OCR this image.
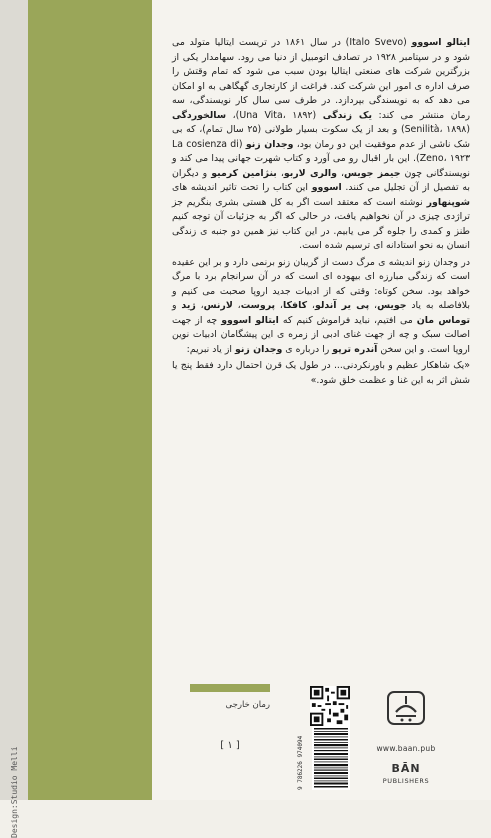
Design:Studio Melli

ایتالو اسووو (Italo Svevo) در سال ۱۸۶۱ در تریست ایتالیا متولد می شود و در سپتامبر ۱۹۲۸ در تصادف اتومبیل از دنیا می رود. سهامدار یکی از بزرگترین شرکت های صنعتی ایتالیا بودن سبب می شود که تمام وقتش را صرف اداره ی امور این شرکت کند. فراغت از کارتجاری گهگاهی به او امکان می دهد که به نویسندگی بپردازد. در طرف سی سال کار نویسندگی، سه رمان منتشر می کند: یک زندگی (Una Vita، ۱۸۹۲)، سالخوردگی (Senilità، ۱۸۹۸) و بعد از یک سکوت بسیار طولانی (۲۵ سال تمام)، که بی شک ناشی از عدم موفقیت این دو رمان بود، وجدان زنو (La cosienza di Zeno، ۱۹۲۳). این بار اقبال رو می آورد و کتاب شهرت جهانی پیدا می کند و نویسندگانی چون جیمز جویس، والری لاربو، بنژامین کرمیو و دیگران به تفصیل از آن تجلیل می کنند. اسووو این کتاب را تحت تاثیر اندیشه های شوپنهاور نوشته است که معتقد است اگر به کل هستی بشری بنگریم جز تراژدی چیزی در آن نخواهیم یافت، در حالی که اگر به جزئیات آن توجه کنیم طنز و کمدی را جلوه گر می یابیم. در این کتاب نیز همین دو جنبه ی زندگی انسان به نحو استادانه ای ترسیم شده است.

در وجدان زنو اندیشه ی مرگ دست از گریبان زنو برنمی دارد و بر این عقیده است که زندگی مبارزه ای بیهوده ای است که در آن سرانجام برد با مرگ خواهد بود. سخن کوتاه: وقتی که از ادبیات جدید اروپا صحبت می کنیم و بلافاصله به یاد جویس، پی یر آندلو، کافکا، پروست، لارنس، ژید و توماس مان می افتیم، نباید فراموش کنیم که ایتالو اسووو چه از جهت اصالت سبک و چه از جهت غنای ادبی از زمره ی این پیشگامان ادبیات نوین اروپا است. و این سخن آندره ترپو را درباره ی وجدان زنو از یاد نبریم:

«یک شاهکار عظیم و باورنکردنی... در طول یک قرن احتمال دارد فقط پنج یا شش اثر به این غنا و عظمت خلق شود.»

رمان خارجی
[ ۱ ]	9 786226 974094	www.baan.pub
BĀN
PUBLISHERS
